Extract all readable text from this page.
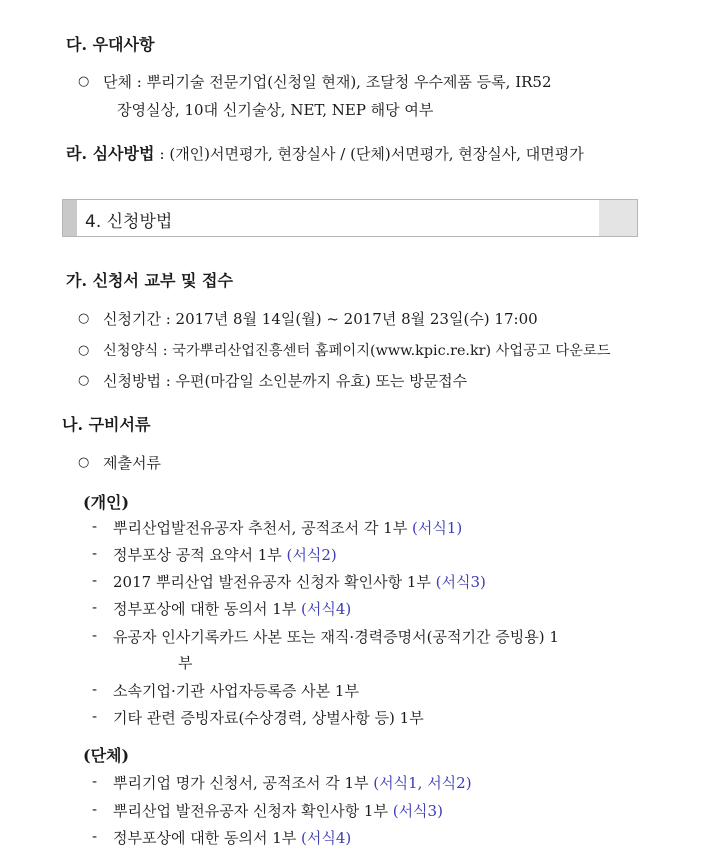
다. 우대사항
○ 단체 : 뿌리기술 전문기업(신청일 현재), 조달청 우수제품 등록, IR52
장영실상, 10대 신기술상, NET, NEP 해당 여부
라. 심사방법 : (개인)서면평가, 현장실사 / (단체)서면평가, 현장실사, 대면평가
4. 신청방법
가. 신청서 교부 및 접수
○ 신청기간 : 2017년 8월 14일(월) ~ 2017년 8월 23일(수) 17:00
○ 신청양식 : 국가뿌리산업진흥센터 홈페이지(www.kpic.re.kr) 사업공고 다운로드
○ 신청방법 : 우편(마감일 소인분까지 유효) 또는 방문접수
나. 구비서류
○ 제출서류
(개인)
- 뿌리산업발전유공자 추천서, 공적조서 각 1부 (서식1)
- 정부포상 공적 요약서 1부 (서식2)
- 2017 뿌리산업 발전유공자 신청자 확인사항 1부 (서식3)
- 정부포상에 대한 동의서 1부 (서식4)
- 유공자 인사기록카드 사본 또는 재직·경력증명서(공적기간 증빙용) 1
부
- 소속기업·기관 사업자등록증 사본 1부
- 기타 관련 증빙자료(수상경력, 상벌사항 등) 1부
(단체)
- 뿌리기업 명가 신청서, 공적조서 각 1부 (서식1, 서식2)
- 뿌리산업 발전유공자 신청자 확인사항 1부 (서식3)
- 정부포상에 대한 동의서 1부 (서식4)
